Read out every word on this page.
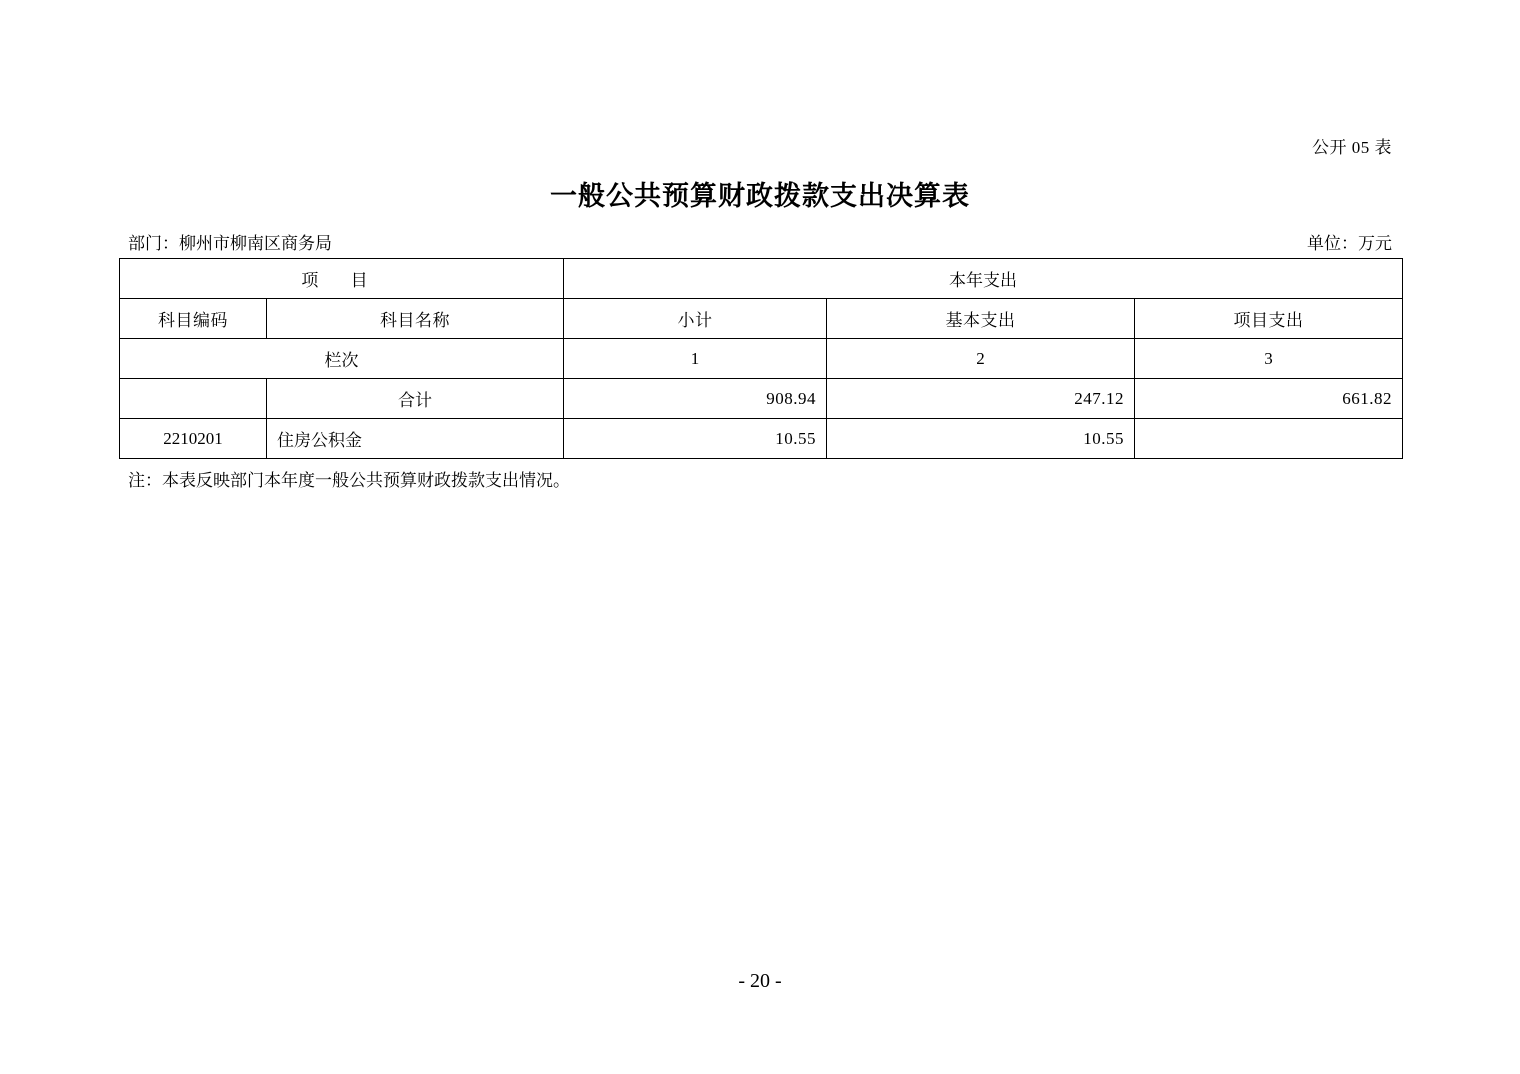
公开 05 表
一般公共预算财政拨款支出决算表
部门：柳州市柳南区商务局	单位：万元
项 目		本年支出		
科目编码	科目名称	小计	基本支出	项目支出
栏次		1	2	3
	合计	908.94	247.12	661.82
2210201	住房公积金	10.55	10.55	
注：本表反映部门本年度一般公共预算财政拨款支出情况。
- 20 -
